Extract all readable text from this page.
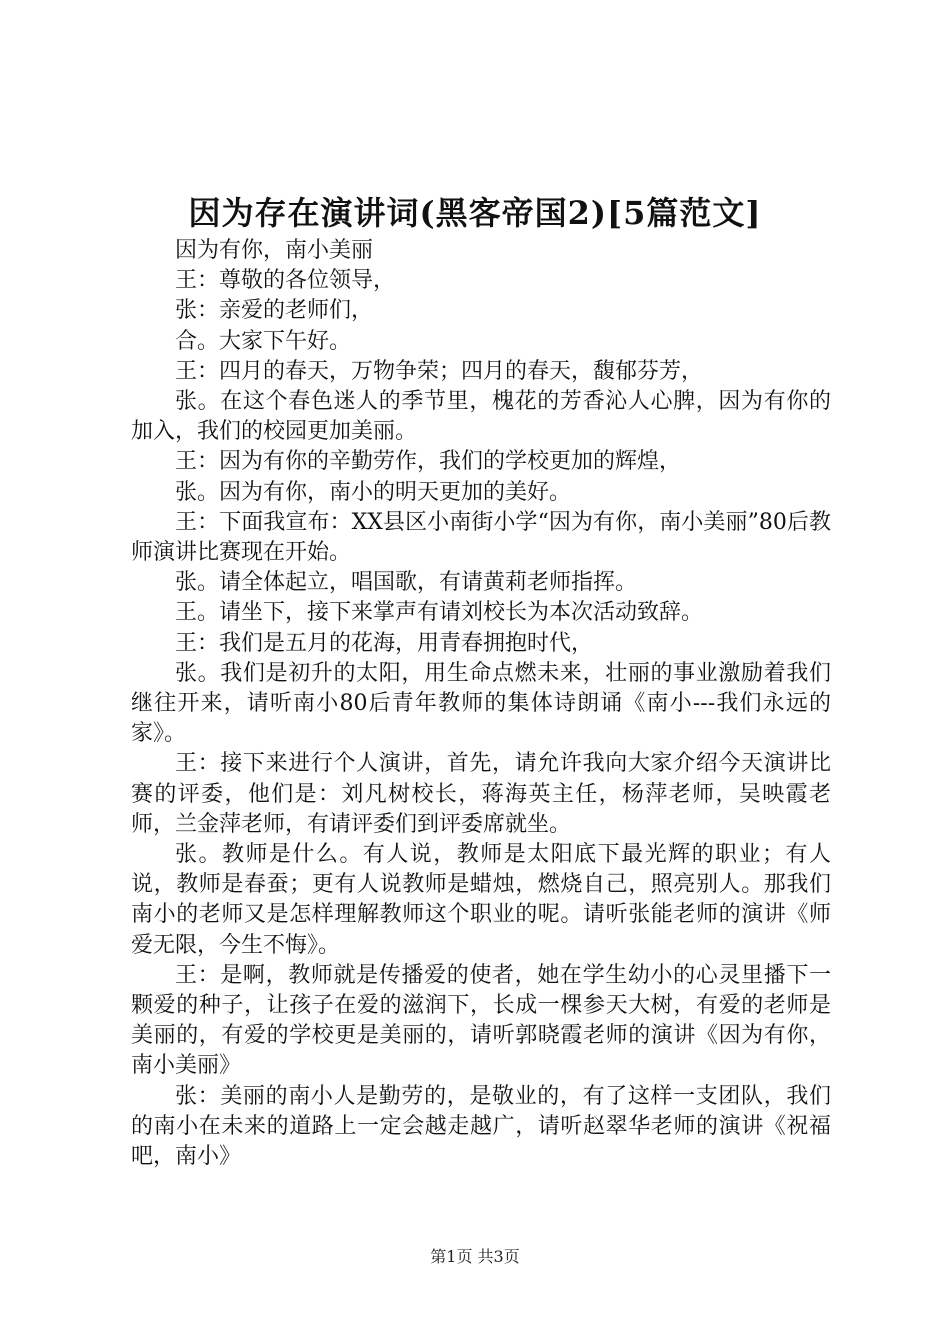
因为存在演讲词(黑客帝国2)[5篇范文]

因为有你，南小美丽

王：尊敬的各位领导，

张：亲爱的老师们，

合。大家下午好。

王：四月的春天，万物争荣；四月的春天，馥郁芬芳，

张。在这个春色迷人的季节里，槐花的芳香沁人心脾，因为有你的加入，我们的校园更加美丽。

王：因为有你的辛勤劳作，我们的学校更加的辉煌，

张。因为有你，南小的明天更加的美好。

王：下面我宣布：XX县区小南街小学“因为有你，南小美丽”80后教师演讲比赛现在开始。

张。请全体起立，唱国歌，有请黄莉老师指挥。

王。请坐下，接下来掌声有请刘校长为本次活动致辞。

王：我们是五月的花海，用青春拥抱时代，

张。我们是初升的太阳，用生命点燃未来，壮丽的事业激励着我们继往开来，请听南小80后青年教师的集体诗朗诵《南小---我们永远的家》。

王：接下来进行个人演讲，首先，请允许我向大家介绍今天演讲比赛的评委，他们是：刘凡树校长，蒋海英主任，杨萍老师，吴映霞老师，兰金萍老师，有请评委们到评委席就坐。

张。教师是什么。有人说，教师是太阳底下最光辉的职业；有人说，教师是春蚕；更有人说教师是蜡烛，燃烧自己，照亮别人。那我们南小的老师又是怎样理解教师这个职业的呢。请听张能老师的演讲《师爱无限，今生不悔》。

王：是啊，教师就是传播爱的使者，她在学生幼小的心灵里播下一颗爱的种子，让孩子在爱的滋润下，长成一棵参天大树，有爱的老师是美丽的，有爱的学校更是美丽的，请听郭晓霞老师的演讲《因为有你，南小美丽》

张：美丽的南小人是勤劳的，是敬业的，有了这样一支团队，我们的南小在未来的道路上一定会越走越广，请听赵翠华老师的演讲《祝福吧，南小》

第1页 共3页
